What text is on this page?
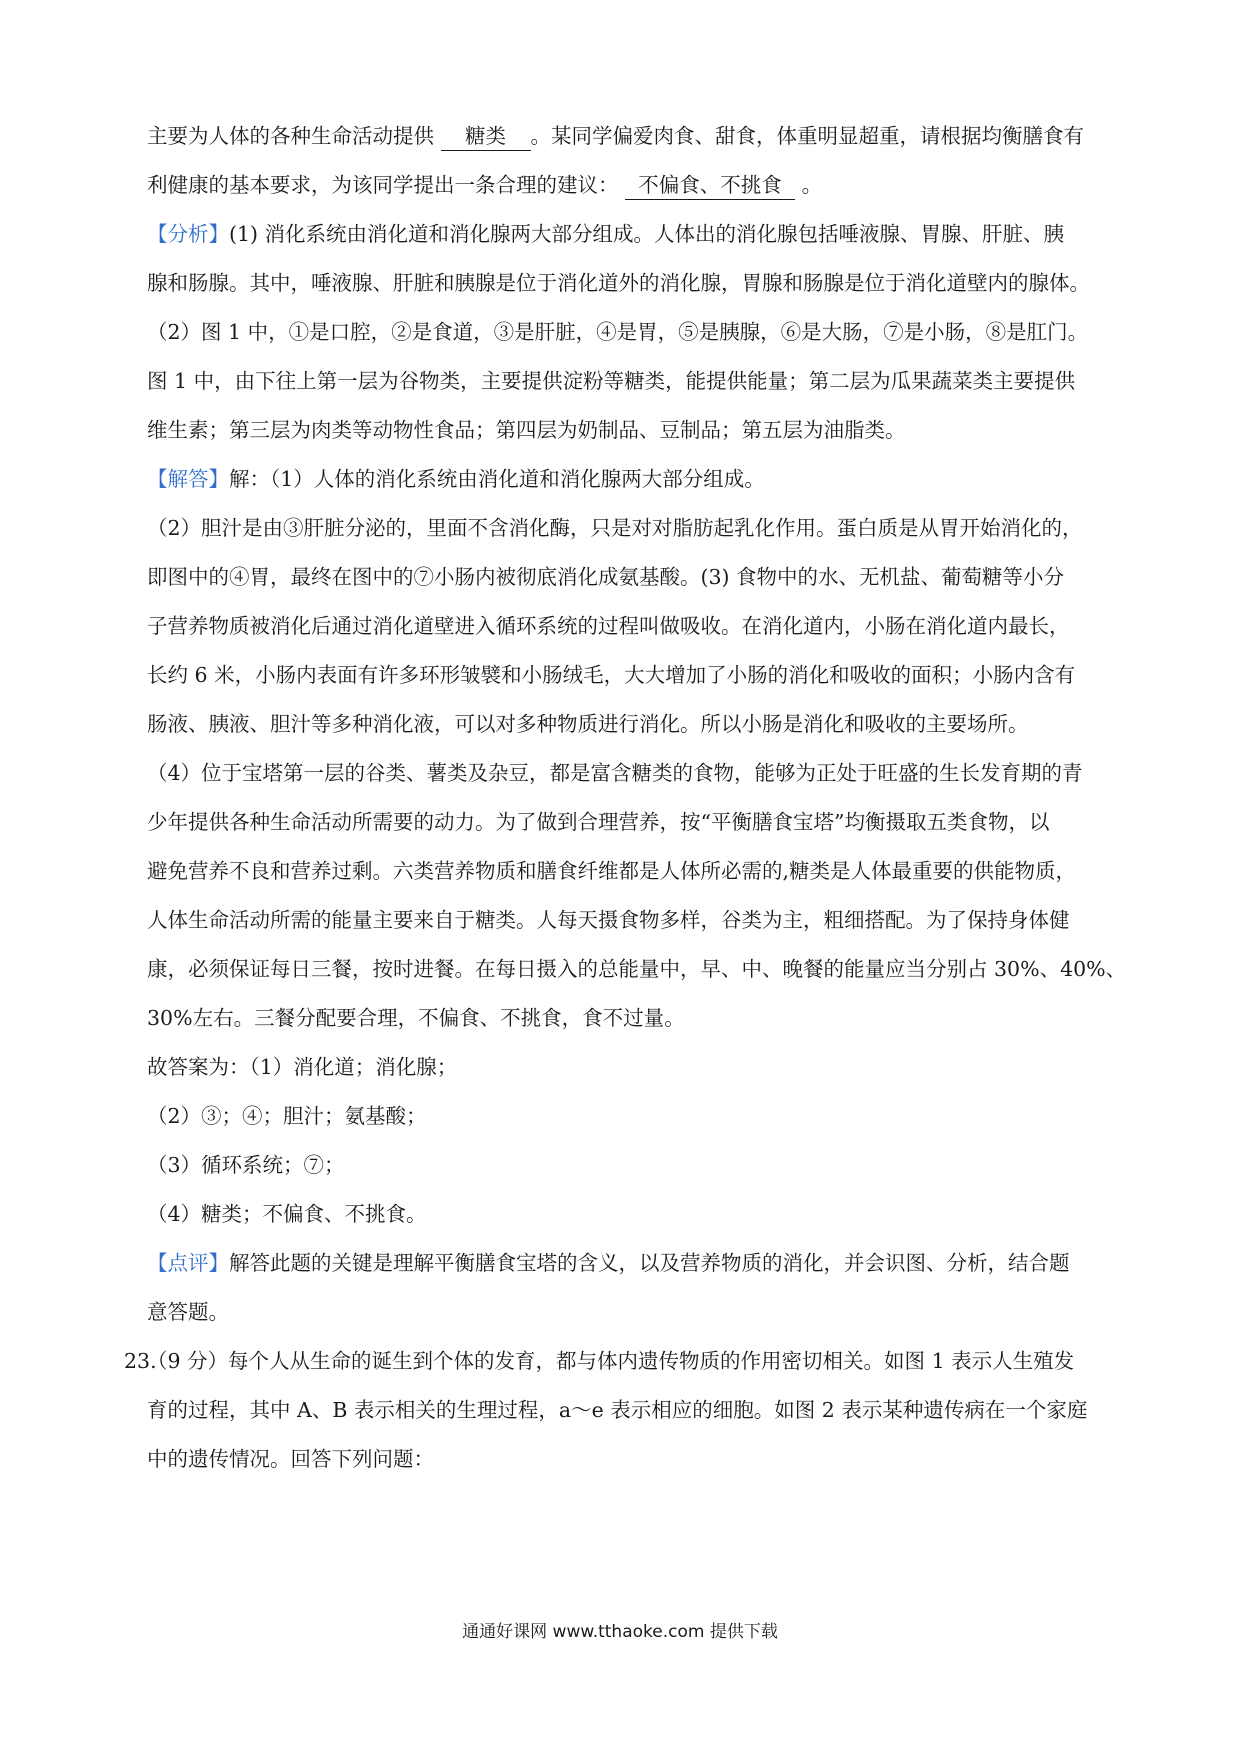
主要为人体的各种生命活动提供 糖类 。某同学偏爱肉食、甜食，体重明显超重，请根据均衡膳食有
利健康的基本要求，为该同学提出一条合理的建议： 不偏食、不挑食 。
【分析】(1) 消化系统由消化道和消化腺两大部分组成。人体出的消化腺包括唾液腺、胃腺、肝脏、胰
腺和肠腺。其中，唾液腺、肝脏和胰腺是位于消化道外的消化腺，胃腺和肠腺是位于消化道壁内的腺体。
（2）图 1 中，①是口腔，②是食道，③是肝脏，④是胃，⑤是胰腺，⑥是大肠，⑦是小肠，⑧是肛门。
图 1 中，由下往上第一层为谷物类，主要提供淀粉等糖类，能提供能量；第二层为瓜果蔬菜类主要提供
维生素；第三层为肉类等动物性食品；第四层为奶制品、豆制品；第五层为油脂类。
【解答】解：（1）人体的消化系统由消化道和消化腺两大部分组成。
（2）胆汁是由③肝脏分泌的，里面不含消化酶，只是对对脂肪起乳化作用。蛋白质是从胃开始消化的，
即图中的④胃，最终在图中的⑦小肠内被彻底消化成氨基酸。(3) 食物中的水、无机盐、葡萄糖等小分
子营养物质被消化后通过消化道壁进入循环系统的过程叫做吸收。在消化道内，小肠在消化道内最长，
长约 6 米，小肠内表面有许多环形皱襞和小肠绒毛，大大增加了小肠的消化和吸收的面积；小肠内含有
肠液、胰液、胆汁等多种消化液，可以对多种物质进行消化。所以小肠是消化和吸收的主要场所。
（4）位于宝塔第一层的谷类、薯类及杂豆，都是富含糖类的食物，能够为正处于旺盛的生长发育期的青
少年提供各种生命活动所需要的动力。为了做到合理营养，按“平衡膳食宝塔”均衡摄取五类食物，以
避免营养不良和营养过剩。六类营养物质和膳食纤维都是人体所必需的,糖类是人体最重要的供能物质，
人体生命活动所需的能量主要来自于糖类。人每天摄食物多样，谷类为主，粗细搭配。为了保持身体健
康，必须保证每日三餐，按时进餐。在每日摄入的总能量中，早、中、晚餐的能量应当分别占 30%、40%、
30%左右。三餐分配要合理，不偏食、不挑食，食不过量。
故答案为：（1）消化道；消化腺；
（2）③；④；胆汁；氨基酸；
（3）循环系统；⑦；
（4）糖类；不偏食、不挑食。
【点评】解答此题的关键是理解平衡膳食宝塔的含义，以及营养物质的消化，并会识图、分析，结合题
意答题。
23.
（9 分）每个人从生命的诞生到个体的发育，都与体内遗传物质的作用密切相关。如图 1 表示人生殖发
育的过程，其中 A、B 表示相关的生理过程，a～e 表示相应的细胞。如图 2 表示某种遗传病在一个家庭
中的遗传情况。回答下列问题：
通通好课网 www.tthaoke.com 提供下载
